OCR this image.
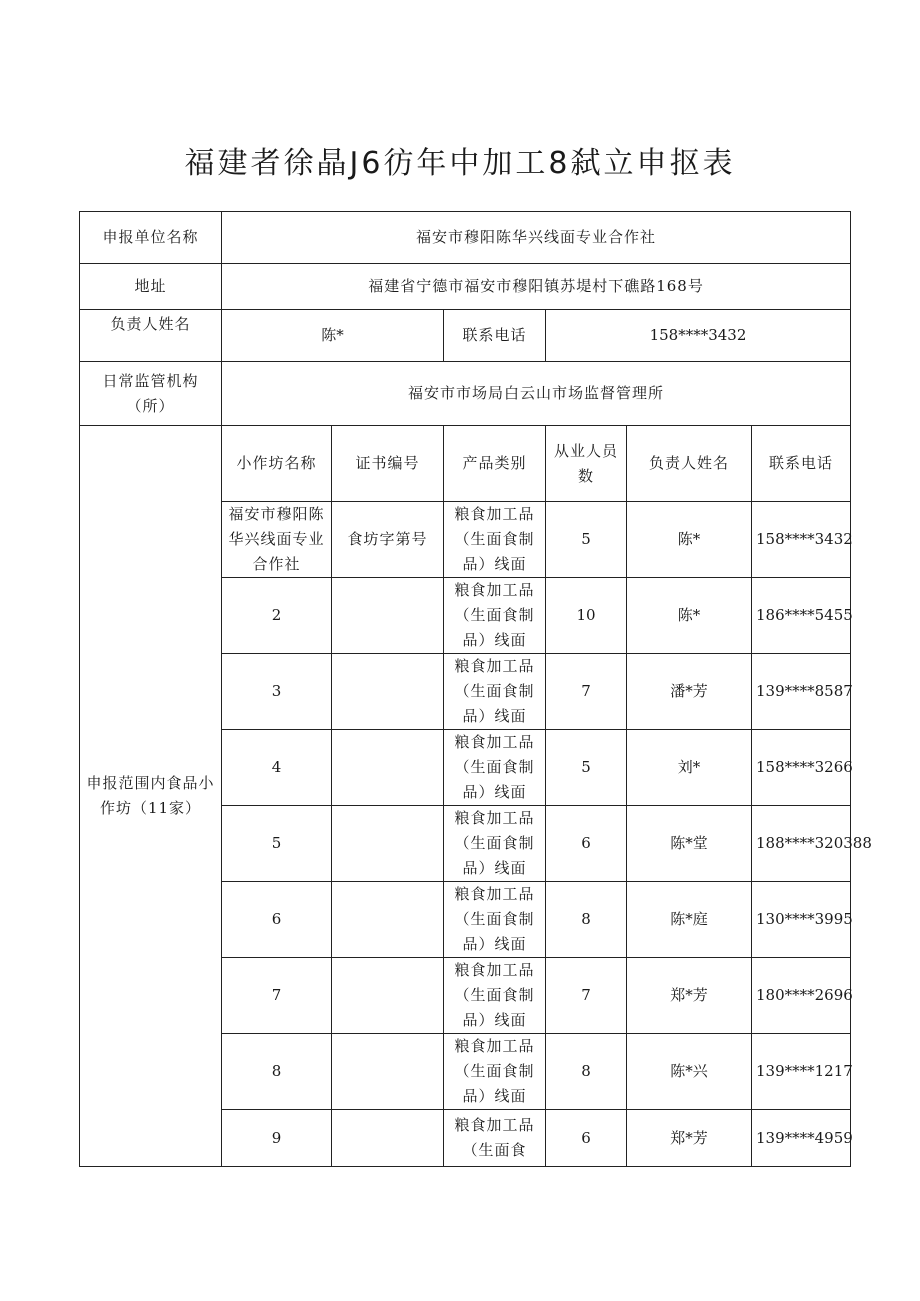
福建者徐晶J6彷年中加工8弑立申抠表
申报单位名称	福安市穆阳陈华兴线面专业合作社					
地址	福建省宁德市福安市穆阳镇苏堤村下礁路168号					
负责人姓名	陈*		联系电话	158****3432		
日常监管机构（所）	福安市市场局白云山市场监督管理所					
申报范围内食品小作坊（11家）	小作坊名称	证书编号	产品类别	从业人员数	负责人姓名	联系电话
	福安市穆阳陈华兴线面专业合作社	食坊字第号	粮食加工品（生面食制品）线面	5	陈*	158****3432
	2		粮食加工品（生面食制品）线面	10	陈*	186****5455
	3		粮食加工品（生面食制品）线面	7	潘*芳	139****8587
	4		粮食加工品（生面食制品）线面	5	刘*	158****3266
	5		粮食加工品（生面食制品）线面	6	陈*堂	188****320388
	6		粮食加工品（生面食制品）线面	8	陈*庭	130****3995
	7		粮食加工品（生面食制品）线面	7	郑*芳	180****2696
	8		粮食加工品（生面食制品）线面	8	陈*兴	139****1217
	9		粮食加工品（生面食	6	郑*芳	139****4959
